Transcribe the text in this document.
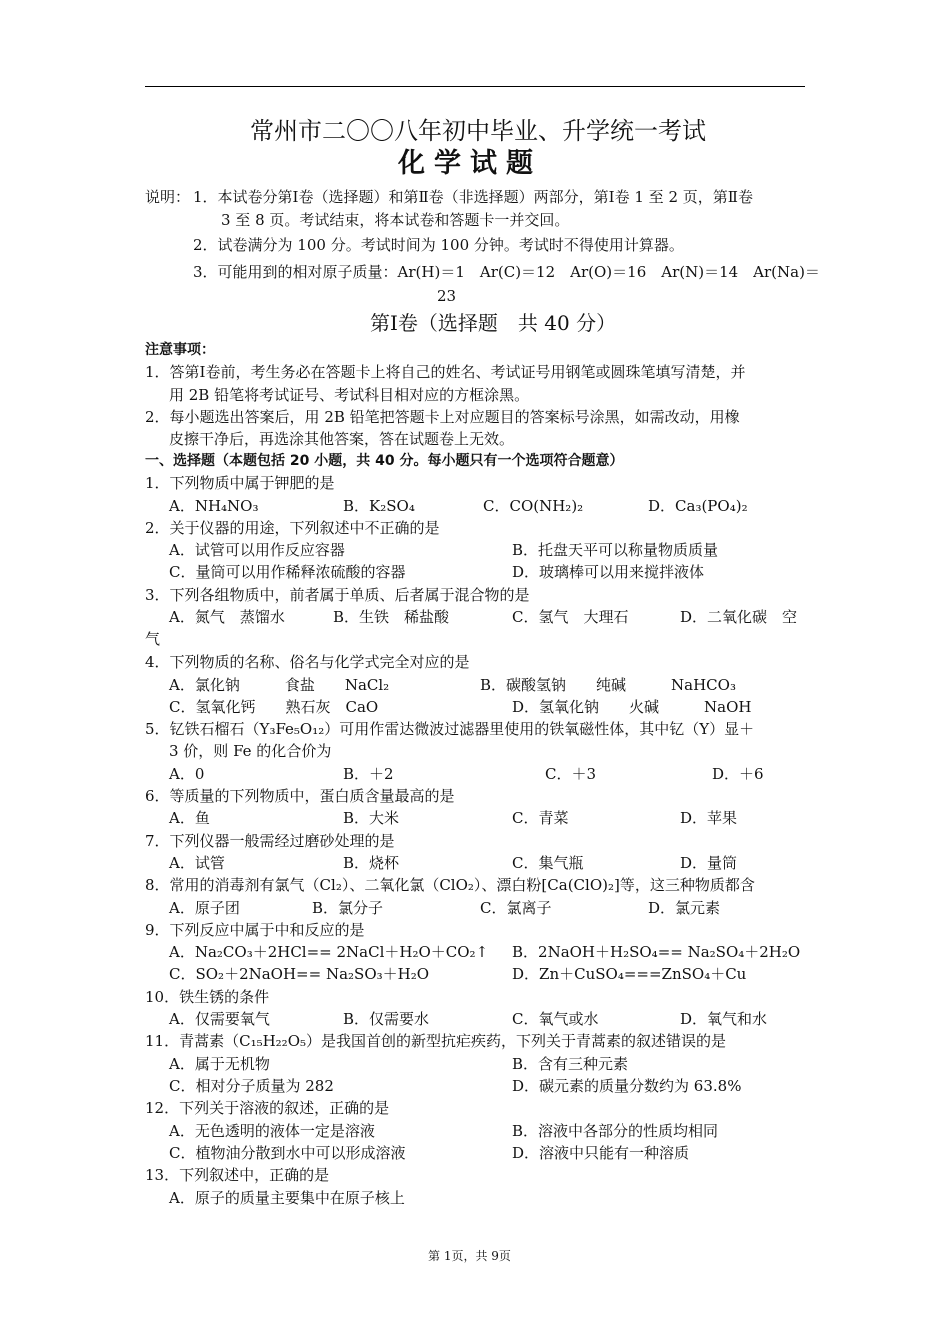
常州市二〇〇八年初中毕业、升学统一考试
化学试题
说明： 1．本试卷分第Ⅰ卷（选择题）和第Ⅱ卷（非选择题）两部分，第Ⅰ卷 1 至 2 页，第Ⅱ卷
3 至 8 页。考试结束，将本试卷和答题卡一并交回。
2．试卷满分为 100 分。考试时间为 100 分钟。考试时不得使用计算器。
3．可能用到的相对原子质量：Ar(H)＝1　Ar(C)＝12　Ar(O)＝16　Ar(N)＝14　Ar(Na)＝
23
第Ⅰ卷（选择题　共 40 分）
注意事项：
1．答第Ⅰ卷前，考生务必在答题卡上将自己的姓名、考试证号用钢笔或圆珠笔填写清楚，并
用 2B 铅笔将考试证号、考试科目相对应的方框涂黑。
2．每小题选出答案后，用 2B 铅笔把答题卡上对应题目的答案标号涂黑，如需改动，用橡
皮擦干净后，再选涂其他答案，答在试题卷上无效。
一、选择题（本题包括 20 小题，共 40 分。每小题只有一个选项符合题意）
1．下列物质中属于钾肥的是
A．NH₄NO₃	B．K₂SO₄	C．CO(NH₂)₂	D．Ca₃(PO₄)₂
2．关于仪器的用途，下列叙述中不正确的是
A．试管可以用作反应容器	B．托盘天平可以称量物质质量
C．量筒可以用作稀释浓硫酸的容器	D．玻璃棒可以用来搅拌液体
3．下列各组物质中，前者属于单质、后者属于混合物的是
A．氮气　蒸馏水	B．生铁　稀盐酸	C．氢气　大理石	D．二氧化碳　空
气
4．下列物质的名称、俗名与化学式完全对应的是
A．氯化钠　　　食盐　　NaCl₂	B．碳酸氢钠　　纯碱　　　NaHCO₃
C．氢氧化钙　　熟石灰　CaO	D．氢氧化钠　　火碱　　　NaOH
5．钇铁石榴石（Y₃Fe₅O₁₂）可用作雷达微波过滤器里使用的铁氧磁性体，其中钇（Y）显＋
3 价，则 Fe 的化合价为
A．0	B．＋2	C．＋3	D．＋6
6．等质量的下列物质中，蛋白质含量最高的是
A．鱼	B．大米	C．青菜	D．苹果
7．下列仪器一般需经过磨砂处理的是
A．试管	B．烧杯	C．集气瓶	D．量筒
8．常用的消毒剂有氯气（Cl₂）、二氧化氯（ClO₂）、漂白粉[Ca(ClO)₂]等，这三种物质都含
A．原子团	B．氯分子	C．氯离子	D．氯元素
9．下列反应中属于中和反应的是
A．Na₂CO₃＋2HCl== 2NaCl＋H₂O＋CO₂↑ B．2NaOH＋H₂SO₄== Na₂SO₄＋2H₂O
C．SO₂＋2NaOH== Na₂SO₃＋H₂O	D．Zn＋CuSO₄===ZnSO₄＋Cu
10．铁生锈的条件
A．仅需要氧气	B．仅需要水	C．氧气或水	D．氧气和水
11．青蒿素（C₁₅H₂₂O₅）是我国首创的新型抗疟疾药，下列关于青蒿素的叙述错误的是
A．属于无机物	B．含有三种元素
C．相对分子质量为 282	D．碳元素的质量分数约为 63.8%
12．下列关于溶液的叙述，正确的是
A．无色透明的液体一定是溶液	B．溶液中各部分的性质均相同
C．植物油分散到水中可以形成溶液	D．溶液中只能有一种溶质
13．下列叙述中，正确的是
A．原子的质量主要集中在原子核上
第 1页，共 9页
